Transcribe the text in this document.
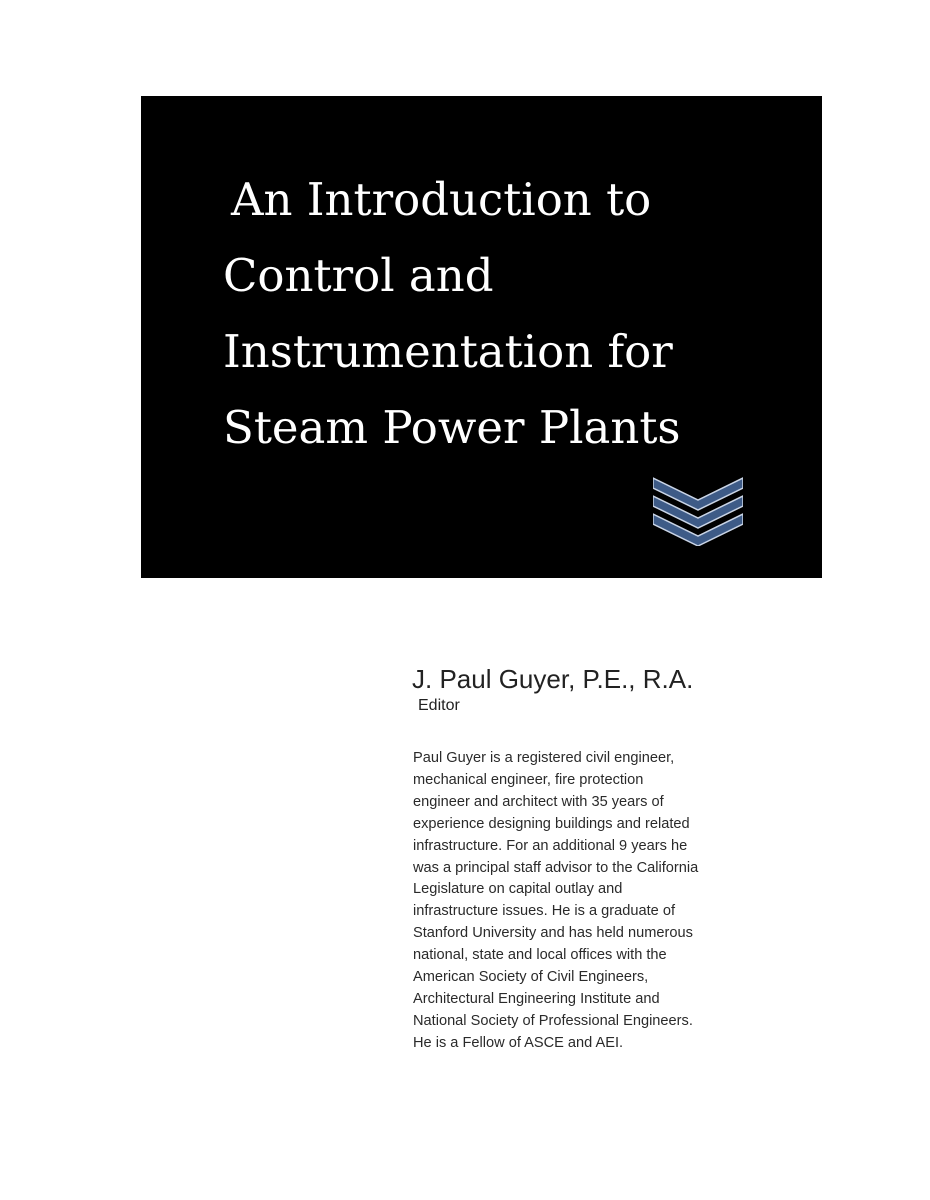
An Introduction to
Control and
Instrumentation for
Steam Power Plants
J. Paul Guyer, P.E., R.A.
Editor

Paul Guyer is a registered civil engineer,
mechanical engineer, fire protection
engineer and architect with 35 years of
experience designing buildings and related
infrastructure. For an additional 9 years he
was a principal staff advisor to the California
Legislature on capital outlay and
infrastructure issues. He is a graduate of
Stanford University and has held numerous
national, state and local offices with the
American Society of Civil Engineers,
Architectural Engineering Institute and
National Society of Professional Engineers.
He is a Fellow of ASCE and AEI.
